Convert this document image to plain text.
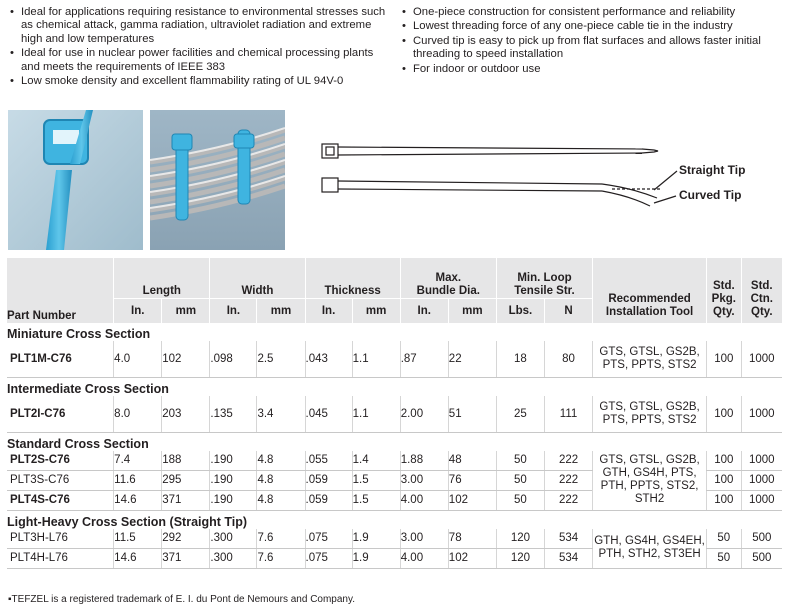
• Ideal for applications requiring resistance to environmental stresses such as chemical attack, gamma radiation, ultraviolet radiation and extreme high and low temperatures
• Ideal for use in nuclear power facilities and chemical processing plants and meets the requirements of IEEE 383
• Low smoke density and excellent flammability rating of UL 94V-0
• One-piece construction for consistent performance and reliability
• Lowest threading force of any one-piece cable tie in the industry
• Curved tip is easy to pick up from flat surfaces and allows faster initial threading to speed installation
• For indoor or outdoor use
Straight Tip
Curved Tip
Part Number	Length		Width		Thickness		Max. Bundle Dia.		Min. Loop Tensile Str.		Recommended Installation Tool	Std. Pkg. Qty.	Std. Ctn. Qty.
	In.	mm	In.	mm	In.	mm	In.	mm	Lbs.	N			
Miniature Cross Section													
PLT1M-C76	4.0	102	.098	2.5	.043	1.1	.87	22	18	80	GTS, GTSL, GS2B, PTS, PPTS, STS2	100	1000
Intermediate Cross Section													
PLT2I-C76	8.0	203	.135	3.4	.045	1.1	2.00	51	25	111	GTS, GTSL, GS2B, PTS, PPTS, STS2	100	1000
Standard Cross Section													
PLT2S-C76	7.4	188	.190	4.8	.055	1.4	1.88	48	50	222	GTS, GTSL, GS2B, GTH, GS4H, PTS, PTH, PPTS, STS2, STH2	100	1000
PLT3S-C76	11.6	295	.190	4.8	.059	1.5	3.00	76	50	222		100	1000
PLT4S-C76	14.6	371	.190	4.8	.059	1.5	4.00	102	50	222		100	1000
Light-Heavy Cross Section (Straight Tip)													
PLT3H-L76	11.5	292	.300	7.6	.075	1.9	3.00	78	120	534	GTH, GS4H, GS4EH, PTH, STH2, ST3EH	50	500
PLT4H-L76	14.6	371	.300	7.6	.075	1.9	4.00	102	120	534		50	500
▪TEFZEL is a registered trademark of E. I. du Pont de Nemours and Company.
